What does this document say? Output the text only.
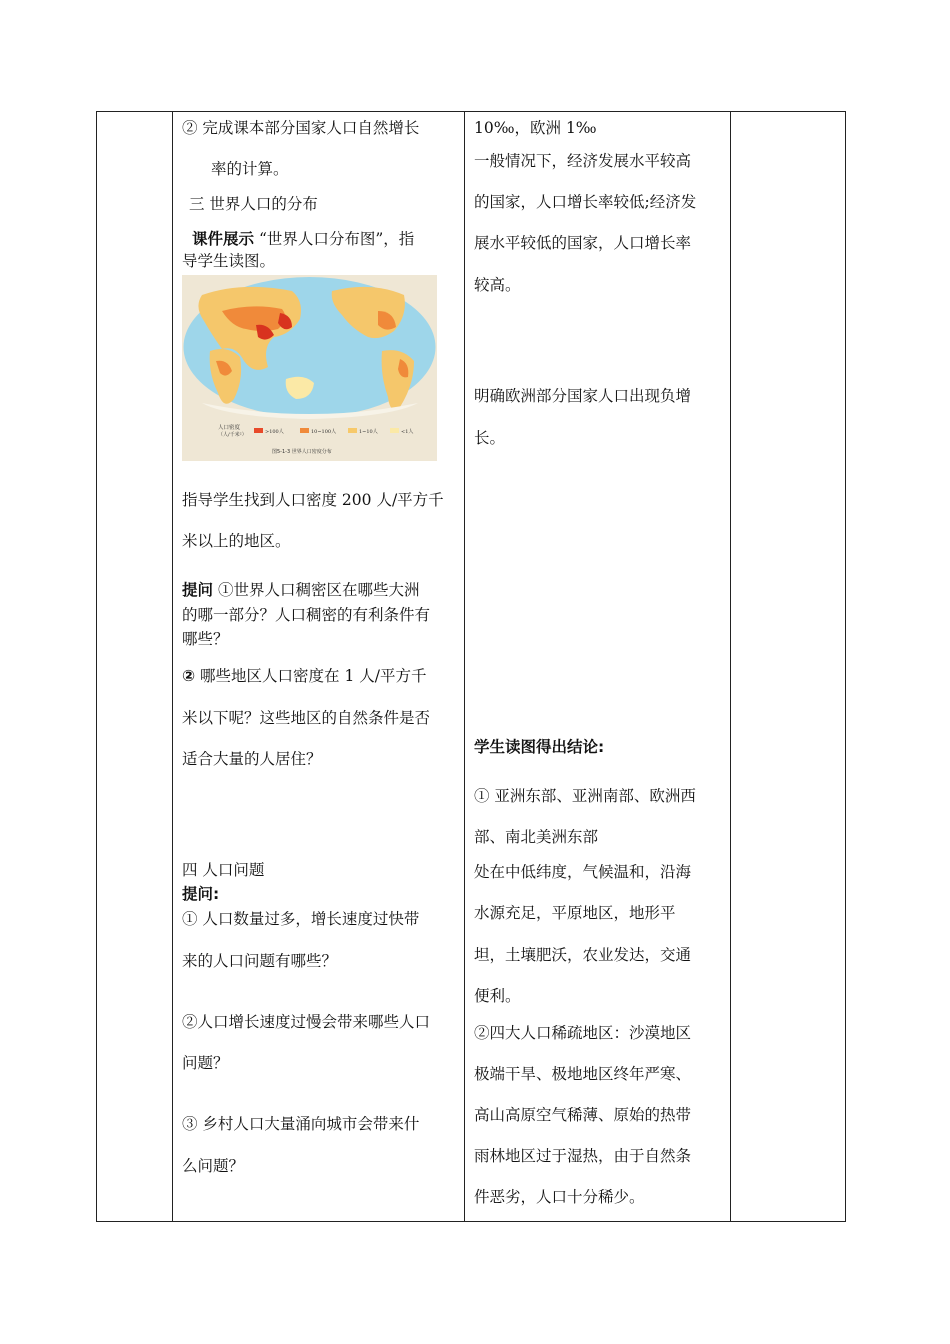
② 完成课本部分国家人口自然增长
率的计算。
三 世界人口的分布
课件展示 “世界人口分布图”，指
导学生读图。
人口密度
（人/千米²）	>100人	10~100人	1~10人	<1人
图5-1-3 世界人口密度分布
指导学生找到人口密度 200 人/平方千
米以上的地区。
提问 ①世界人口稠密区在哪些大洲
的哪一部分？人口稠密的有利条件有
哪些？
② 哪些地区人口密度在 1 人/平方千
米以下呢？这些地区的自然条件是否
适合大量的人居住？
四 人口问题
提问:
① 人口数量过多，增长速度过快带
来的人口问题有哪些？
②人口增长速度过慢会带来哪些人口
问题？
③ 乡村人口大量涌向城市会带来什
么问题？
10‰，欧洲 1‰
一般情况下，经济发展水平较高
的国家，人口增长率较低;经济发
展水平较低的国家，人口增长率
较高。
明确欧洲部分国家人口出现负增
长。
学生读图得出结论:
① 亚洲东部、亚洲南部、欧洲西
部、南北美洲东部
处在中低纬度，气候温和，沿海
水源充足，平原地区，地形平
坦，土壤肥沃，农业发达，交通
便利。
②四大人口稀疏地区：沙漠地区
极端干旱、极地地区终年严寒、
高山高原空气稀薄、原始的热带
雨林地区过于湿热，由于自然条
件恶劣，人口十分稀少。
